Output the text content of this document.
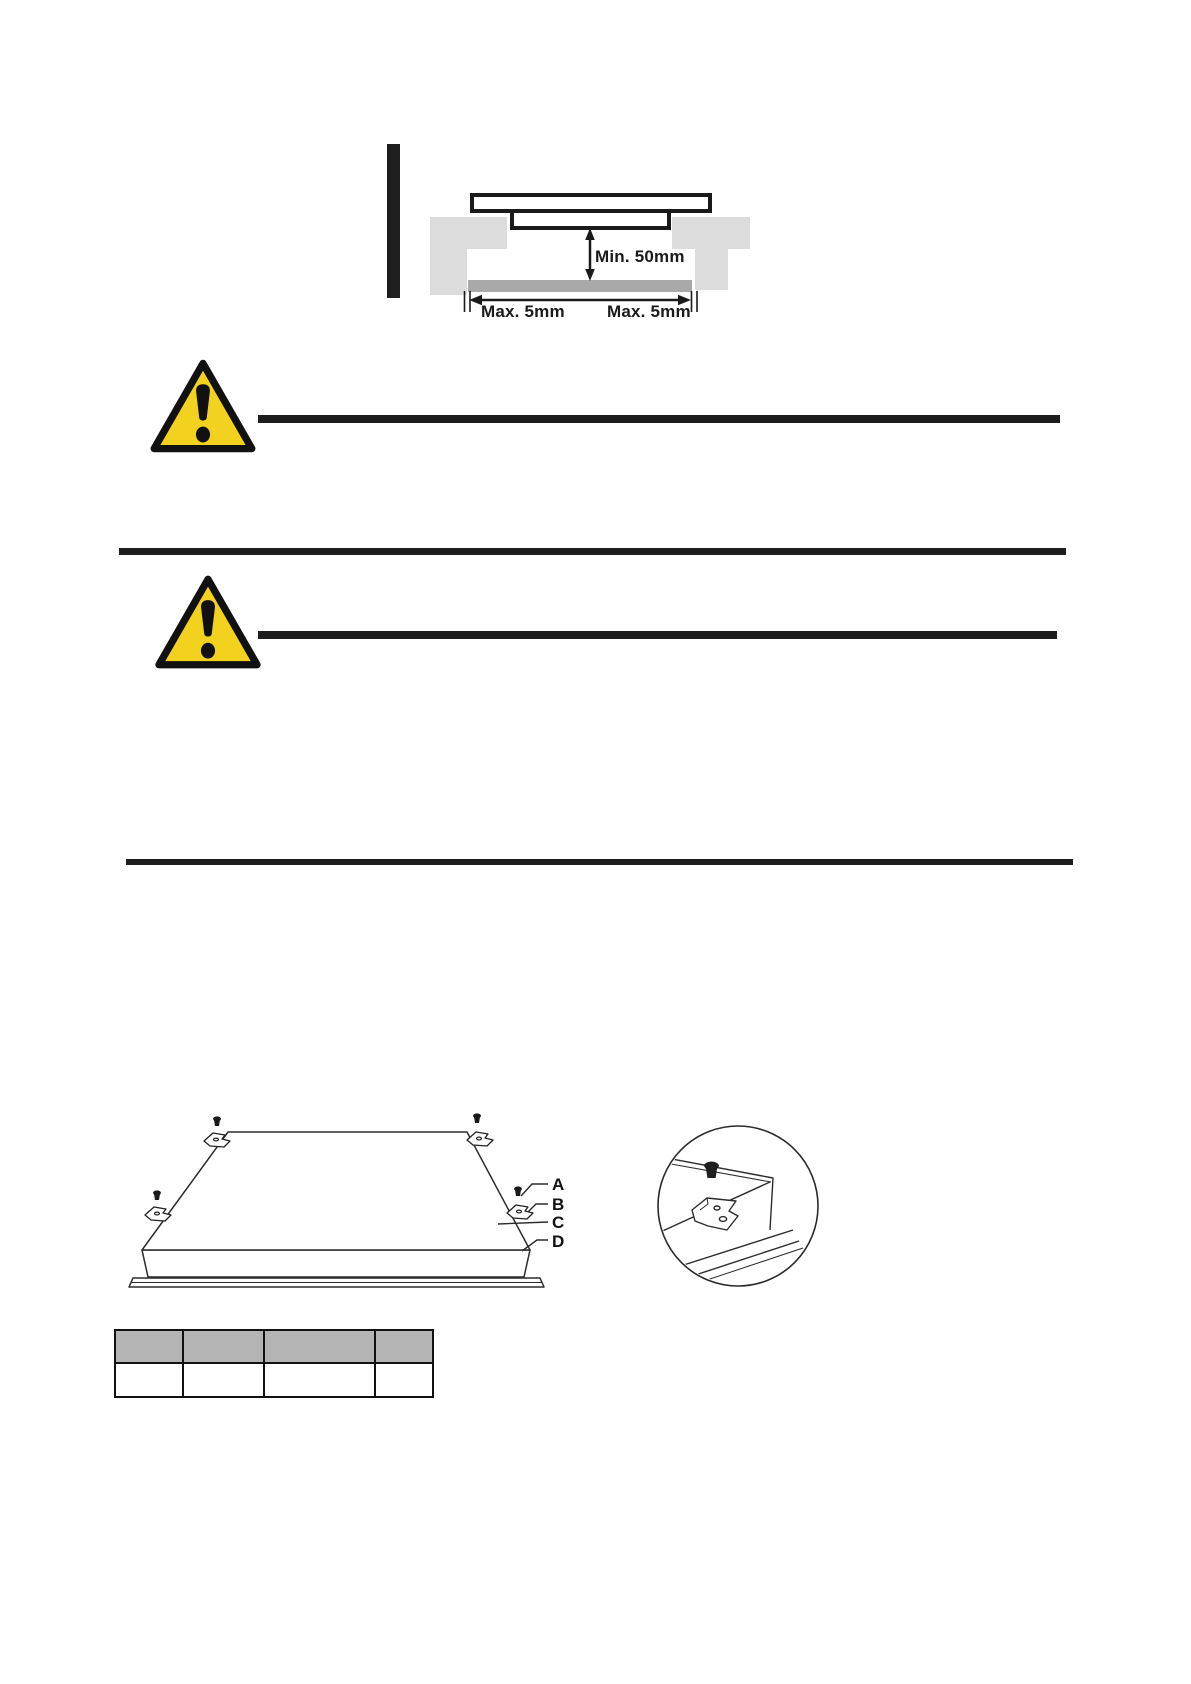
Min. 50mm
Max. 5mm Max. 5mm
A
B
C
D
